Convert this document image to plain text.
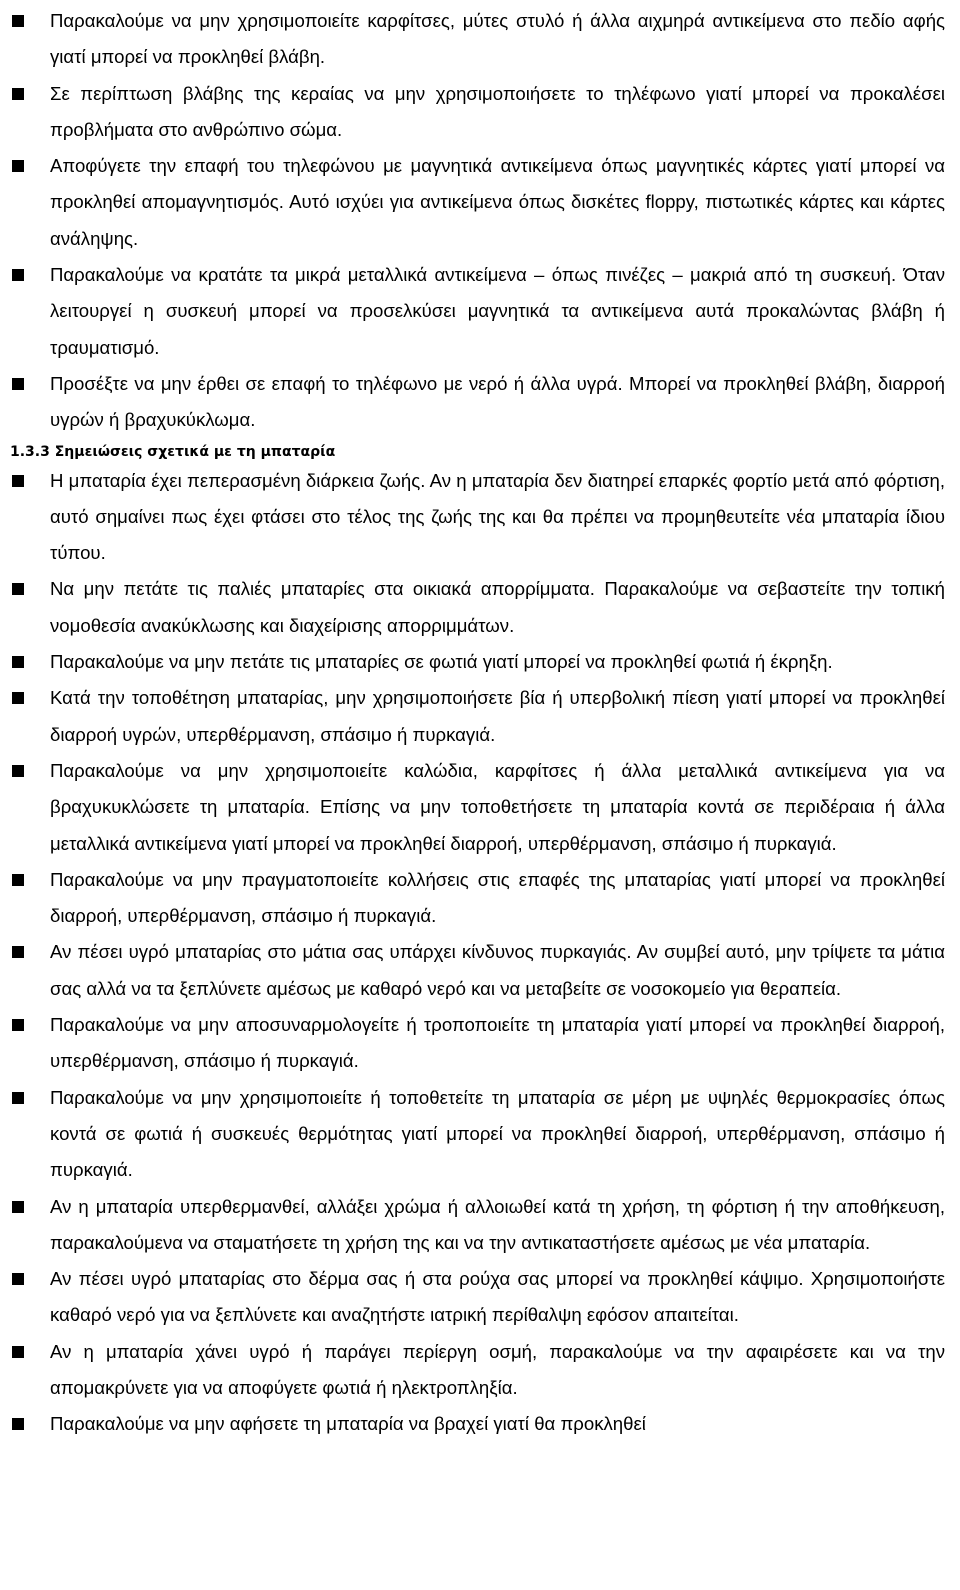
Παρακαλούμε να μην χρησιμοποιείτε καρφίτσες, μύτες στυλό ή άλλα αιχμηρά αντικείμενα στο πεδίο αφής γιατί μπορεί να προκληθεί βλάβη.
Σε περίπτωση βλάβης της κεραίας να μην χρησιμοποιήσετε το τηλέφωνο γιατί μπορεί να προκαλέσει προβλήματα στο ανθρώπινο σώμα.
Αποφύγετε την επαφή του τηλεφώνου με μαγνητικά αντικείμενα όπως μαγνητικές κάρτες γιατί μπορεί να προκληθεί απομαγνητισμός. Αυτό ισχύει για αντικείμενα όπως δισκέτες floppy, πιστωτικές κάρτες και κάρτες ανάληψης.
Παρακαλούμε να κρατάτε τα μικρά μεταλλικά αντικείμενα – όπως πινέζες – μακριά από τη συσκευή. Όταν λειτουργεί η συσκευή μπορεί να προσελκύσει μαγνητικά τα αντικείμενα αυτά προκαλώντας βλάβη ή τραυματισμό.
Προσέξτε να μην έρθει σε επαφή το τηλέφωνο με νερό ή άλλα υγρά. Μπορεί να προκληθεί βλάβη, διαρροή υγρών ή βραχυκύκλωμα.
1.3.3 Σημειώσεις σχετικά με τη μπαταρία
Η μπαταρία έχει πεπερασμένη διάρκεια ζωής. Αν η μπαταρία δεν διατηρεί επαρκές φορτίο μετά από φόρτιση, αυτό σημαίνει πως έχει φτάσει στο τέλος της ζωής της και θα πρέπει να προμηθευτείτε νέα μπαταρία ίδιου τύπου.
Να μην πετάτε τις παλιές μπαταρίες στα οικιακά απορρίμματα. Παρακαλούμε να σεβαστείτε την τοπική νομοθεσία ανακύκλωσης και διαχείρισης απορριμμάτων.
Παρακαλούμε να μην πετάτε τις μπαταρίες σε φωτιά γιατί μπορεί να προκληθεί φωτιά ή έκρηξη.
Κατά την τοποθέτηση μπαταρίας, μην χρησιμοποιήσετε βία ή υπερβολική πίεση γιατί μπορεί να προκληθεί διαρροή υγρών, υπερθέρμανση, σπάσιμο ή πυρκαγιά.
Παρακαλούμε να μην χρησιμοποιείτε καλώδια, καρφίτσες ή άλλα μεταλλικά αντικείμενα για να βραχυκυκλώσετε τη μπαταρία. Επίσης να μην τοποθετήσετε τη μπαταρία κοντά σε περιδέραια ή άλλα μεταλλικά αντικείμενα γιατί μπορεί να προκληθεί διαρροή, υπερθέρμανση, σπάσιμο ή πυρκαγιά.
Παρακαλούμε να μην πραγματοποιείτε κολλήσεις στις επαφές της μπαταρίας γιατί μπορεί να προκληθεί διαρροή, υπερθέρμανση, σπάσιμο ή πυρκαγιά.
Αν πέσει υγρό μπαταρίας στο μάτια σας υπάρχει κίνδυνος πυρκαγιάς. Αν συμβεί αυτό, μην τρίψετε τα μάτια σας αλλά να τα ξεπλύνετε αμέσως με καθαρό νερό και να μεταβείτε σε νοσοκομείο για θεραπεία.
Παρακαλούμε να μην αποσυναρμολογείτε ή τροποποιείτε τη μπαταρία γιατί μπορεί να προκληθεί διαρροή, υπερθέρμανση, σπάσιμο ή πυρκαγιά.
Παρακαλούμε να μην χρησιμοποιείτε ή τοποθετείτε τη μπαταρία σε μέρη με υψηλές θερμοκρασίες όπως κοντά σε φωτιά ή συσκευές θερμότητας γιατί μπορεί να προκληθεί διαρροή, υπερθέρμανση, σπάσιμο ή πυρκαγιά.
Αν η μπαταρία υπερθερμανθεί, αλλάξει χρώμα ή αλλοιωθεί κατά τη χρήση, τη φόρτιση ή την αποθήκευση, παρακαλούμενα να σταματήσετε τη χρήση της και να την αντικαταστήσετε αμέσως με νέα μπαταρία.
Αν πέσει υγρό μπαταρίας στο δέρμα σας ή στα ρούχα σας μπορεί να προκληθεί κάψιμο. Χρησιμοποιήστε καθαρό νερό για να ξεπλύνετε και αναζητήστε ιατρική περίθαλψη εφόσον απαιτείται.
Αν η μπαταρία χάνει υγρό ή παράγει περίεργη οσμή, παρακαλούμε να την αφαιρέσετε και να την απομακρύνετε για να αποφύγετε φωτιά ή ηλεκτροπληξία.
Παρακαλούμε να μην αφήσετε τη μπαταρία να βραχεί γιατί θα προκληθεί
